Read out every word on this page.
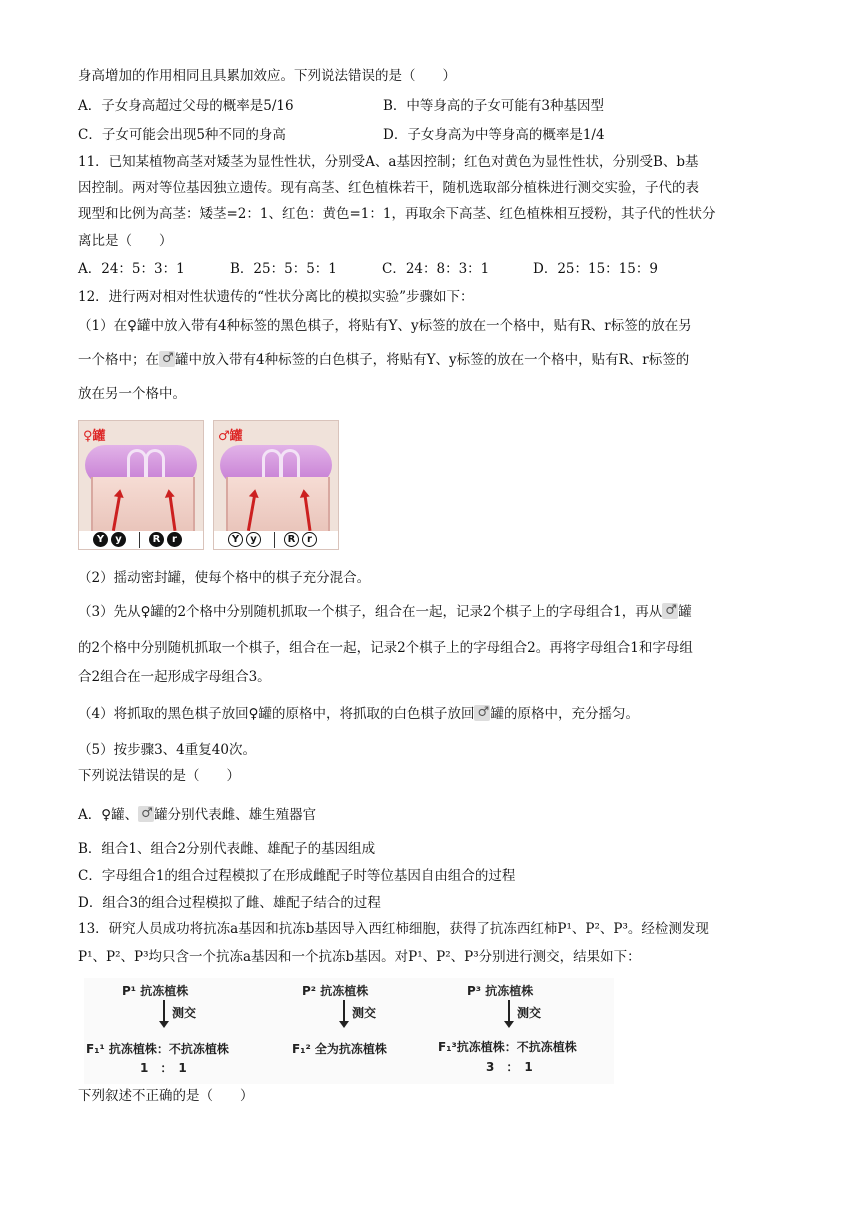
身高增加的作用相同且具累加效应。下列说法错误的是（　　）
A．子女身高超过父母的概率是5/16	B．中等身高的子女可能有3种基因型
C．子女可能会出现5种不同的身高	D．子女身高为中等身高的概率是1/4
11．已知某植物高茎对矮茎为显性性状，分别受A、a基因控制；红色对黄色为显性性状，分别受B、b基
因控制。两对等位基因独立遗传。现有高茎、红色植株若干，随机选取部分植株进行测交实验，子代的表
现型和比例为高茎：矮茎=2：1、红色：黄色=1：1，再取余下高茎、红色植株相互授粉，其子代的性状分
离比是（　　）
A．24：5：3：1	B．25：5：5：1	C．24：8：3：1	D．25：15：15：9
12．进行两对相对性状遗传的“性状分离比的模拟实验”步骤如下：
（1）在♀罐中放入带有4种标签的黑色棋子，将贴有Y、y标签的放在一个格中，贴有R、r标签的放在另
一个格中；在 ♂ 罐中放入带有4种标签的白色棋子，将贴有Y、y标签的放在一个格中，贴有R、r标签的
放在另一个格中。
♀罐
Y	y	R	r
♂罐
Y	y	R	r
（2）摇动密封罐，使每个格中的棋子充分混合。
（3）先从♀罐的2个格中分别随机抓取一个棋子，组合在一起，记录2个棋子上的字母组合1，再从 ♂ 罐
的2个格中分别随机抓取一个棋子，组合在一起，记录2个棋子上的字母组合2。再将字母组合1和字母组
合2组合在一起形成字母组合3。
（4）将抓取的黑色棋子放回♀罐的原格中，将抓取的白色棋子放回 ♂ 罐的原格中，充分摇匀。
（5）按步骤3、4重复40次。
下列说法错误的是（　　）
A．♀罐、 ♂ 罐分别代表雌、雄生殖器官
B．组合1、组合2分别代表雌、雄配子的基因组成
C．字母组合1的组合过程模拟了在形成雌配子时等位基因自由组合的过程
D．组合3的组合过程模拟了雌、雄配子结合的过程
13．研究人员成功将抗冻a基因和抗冻b基因导入西红柿细胞，获得了抗冻西红柿P¹、P²、P³。经检测发现
P¹、P²、P³均只含一个抗冻a基因和一个抗冻b基因。对P¹、P²、P³分别进行测交，结果如下：
P¹ 抗冻植株
测交
F₁¹ 抗冻植株：不抗冻植株
1　：　1
P² 抗冻植株
测交
F₁² 全为抗冻植株
P³ 抗冻植株
测交
F₁³抗冻植株：不抗冻植株
3　：　1
下列叙述不正确的是（　　）
